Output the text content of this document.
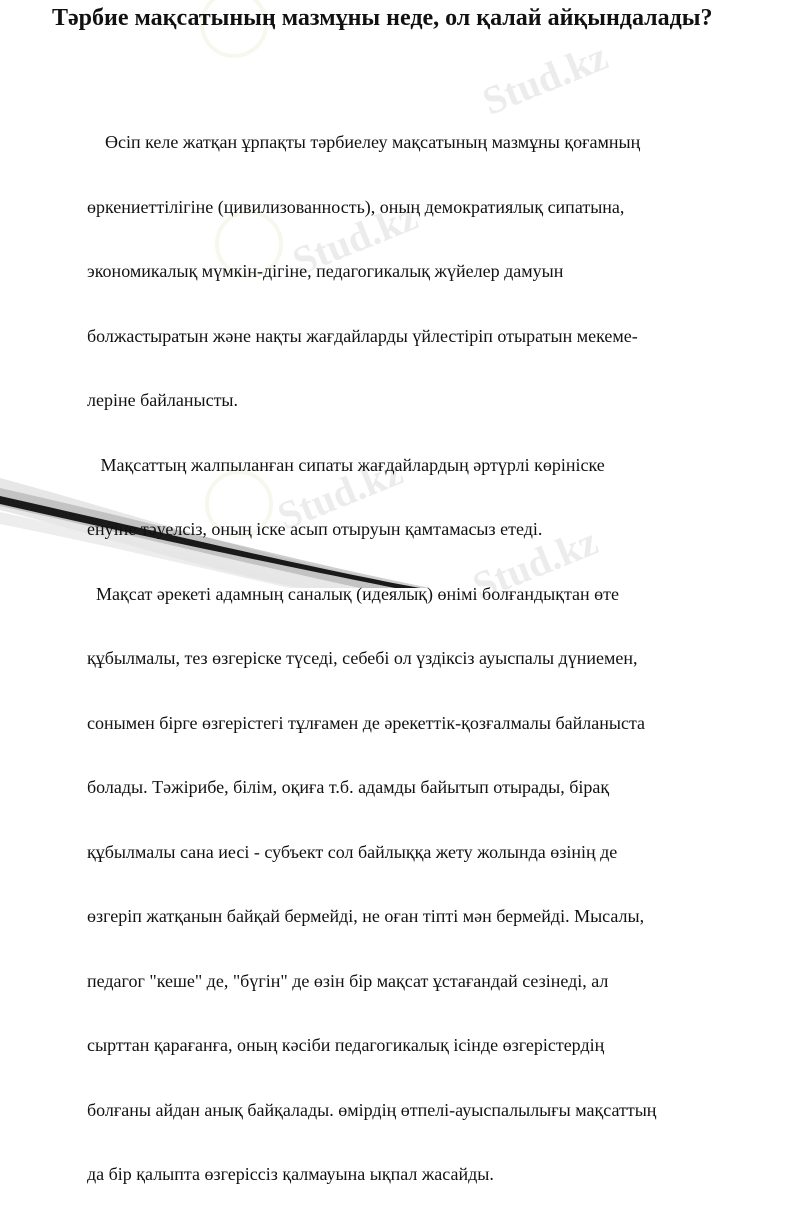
Stud.kz
Stud.kz
Stud.kz
Stud.kz
Тәрбие мақсатының мазмұны неде, ол қалай айқындалады?

Өсіп келе жатқан ұрпақты тәрбиелеу мақсатының мазмұны қоғамның

өркениеттілігіне (цивилизованность), оның демократиялық сипатына,

экономикалық мүмкін-дігіне, педагогикалық жүйелер дамуын

болжастыратын және нақты жағдайларды үйлестіріп отыратын мекеме-

леріне байланысты.

Мақсаттың жалпыланған сипаты жағдайлардың әртүрлі көрініске

енуіне тәуелсіз, оның іске асып отыруын қамтамасыз етеді.

Мақсат әрекеті адамның саналық (идеялық) өнімі болғандықтан өте

құбылмалы, тез өзгеріске түседі, себебі ол үздіксіз ауыспалы дүниемен,

сонымен бірге өзгерістегі тұлғамен де әрекеттік-қозғалмалы байланыста

болады. Тәжірибе, білім, оқиға т.б. адамды байытып отырады, бірақ

құбылмалы сана иесі - субъект сол байлыққа жету жолында өзінің де

өзгеріп жатқанын байқай бермейді, не оған тіпті мән бермейді. Мысалы,

педагог "кеше" де, "бүгін" де өзін бір мақсат ұстағандай сезінеді, ал

сырттан қарағанға, оның кәсіби педагогикалық ісінде өзгерістердің

болғаны айдан анық байқалады. өмірдің өтпелі-ауыспалылығы мақсаттың

да бір қалыпта өзгеріссіз қалмауына ықпал жасайды.
